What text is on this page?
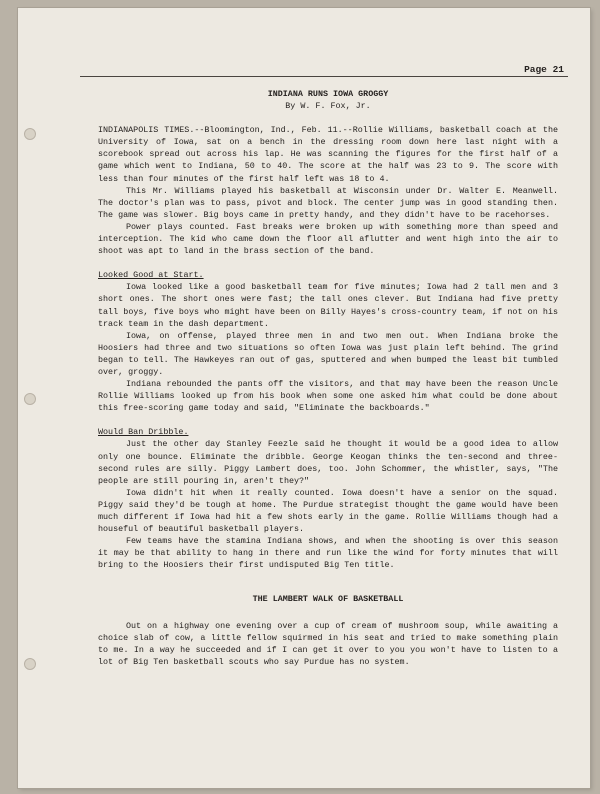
Page 21
INDIANA RUNS IOWA GROGGY
By W. F. Fox, Jr.

INDIANAPOLIS TIMES.--Bloomington, Ind., Feb. 11.--Rollie Williams, basketball coach at the University of Iowa, sat on a bench in the dressing room down here last night with a scorebook spread out across his lap. He was scanning the figures for the first half of a game which went to Indiana, 50 to 40. The score at the half was 23 to 9. The score with less than four minutes of the first half left was 18 to 4.

This Mr. Williams played his basketball at Wisconsin under Dr. Walter E. Meanwell. The doctor's plan was to pass, pivot and block. The center jump was in good standing then. The game was slower. Big boys came in pretty handy, and they didn't have to be racehorses.

Power plays counted. Fast breaks were broken up with something more than speed and interception. The kid who came down the floor all aflutter and went high into the air to shoot was apt to land in the brass section of the band.

Looked Good at Start.

Iowa looked like a good basketball team for five minutes; Iowa had 2 tall men and 3 short ones. The short ones were fast; the tall ones clever. But Indiana had five pretty tall boys, five boys who might have been on Billy Hayes's cross-country team, if not on his track team in the dash department.

Iowa, on offense, played three men in and two men out. When Indiana broke the Hoosiers had three and two situations so often Iowa was just plain left behind. The grind began to tell. The Hawkeyes ran out of gas, sputtered and when bumped the least bit tumbled over, groggy.

Indiana rebounded the pants off the visitors, and that may have been the reason Uncle Rollie Williams looked up from his book when some one asked him what could be done about this free-scoring game today and said, "Eliminate the backboards."

Would Ban Dribble.

Just the other day Stanley Feezle said he thought it would be a good idea to allow only one bounce. Eliminate the dribble. George Keogan thinks the ten-second and three-second rules are silly. Piggy Lambert does, too. John Schommer, the whistler, says, "The people are still pouring in, aren't they?"

Iowa didn't hit when it really counted. Iowa doesn't have a senior on the squad. Piggy said they'd be tough at home. The Purdue strategist thought the game would have been much different if Iowa had hit a few shots early in the game. Rollie Williams though had a houseful of beautiful basketball players.

Few teams have the stamina Indiana shows, and when the shooting is over this season it may be that ability to hang in there and run like the wind for forty minutes that will bring to the Hoosiers their first undisputed Big Ten title.

THE LAMBERT WALK OF BASKETBALL

Out on a highway one evening over a cup of cream of mushroom soup, while awaiting a choice slab of cow, a little fellow squirmed in his seat and tried to make something plain to me. In a way he succeeded and if I can get it over to you you won't have to listen to a lot of Big Ten basketball scouts who say Purdue has no system.
